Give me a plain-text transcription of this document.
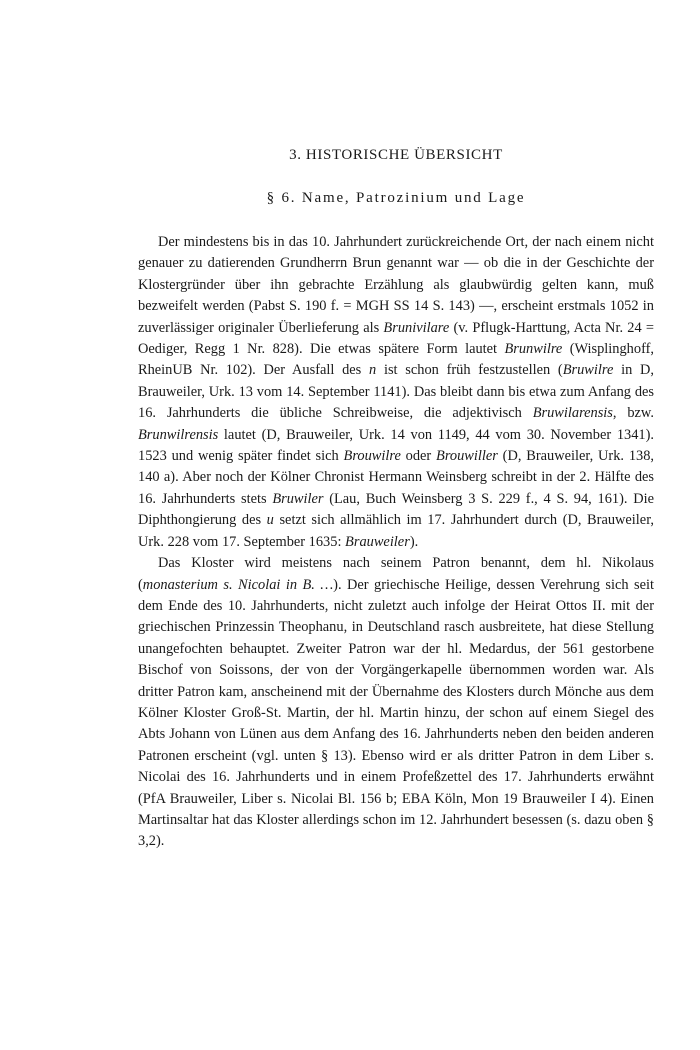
3. HISTORISCHE ÜBERSICHT
§ 6. Name, Patrozinium und Lage

Der mindestens bis in das 10. Jahrhundert zurückreichende Ort, der nach einem nicht genauer zu datierenden Grundherrn Brun genannt war — ob die in der Geschichte der Klostergründer über ihn gebrachte Erzählung als glaubwürdig gelten kann, muß bezweifelt werden (Pabst S. 190 f. = MGH SS 14 S. 143) —, erscheint erstmals 1052 in zuverlässiger originaler Überlieferung als Brunivilare (v. Pflugk-Harttung, Acta Nr. 24 = Oediger, Regg 1 Nr. 828). Die etwas spätere Form lautet Brunwilre (Wisplinghoff, RheinUB Nr. 102). Der Ausfall des n ist schon früh festzustellen (Bruwilre in D, Brauweiler, Urk. 13 vom 14. September 1141). Das bleibt dann bis etwa zum Anfang des 16. Jahrhunderts die übliche Schreibweise, die adjektivisch Bruwilarensis, bzw. Brunwilrensis lautet (D, Brauweiler, Urk. 14 von 1149, 44 vom 30. November 1341). 1523 und wenig später findet sich Brouwilre oder Brouwiller (D, Brauweiler, Urk. 138, 140 a). Aber noch der Kölner Chronist Hermann Weinsberg schreibt in der 2. Hälfte des 16. Jahrhunderts stets Bruwiler (Lau, Buch Weinsberg 3 S. 229 f., 4 S. 94, 161). Die Diphthongierung des u setzt sich allmählich im 17. Jahrhundert durch (D, Brauweiler, Urk. 228 vom 17. September 1635: Brauweiler).

Das Kloster wird meistens nach seinem Patron benannt, dem hl. Nikolaus (monasterium s. Nicolai in B. …). Der griechische Heilige, dessen Verehrung sich seit dem Ende des 10. Jahrhunderts, nicht zuletzt auch infolge der Heirat Ottos II. mit der griechischen Prinzessin Theophanu, in Deutschland rasch ausbreitete, hat diese Stellung unangefochten behauptet. Zweiter Patron war der hl. Medardus, der 561 gestorbene Bischof von Soissons, der von der Vorgängerkapelle übernommen worden war. Als dritter Patron kam, anscheinend mit der Übernahme des Klosters durch Mönche aus dem Kölner Kloster Groß-St. Martin, der hl. Martin hinzu, der schon auf einem Siegel des Abts Johann von Lünen aus dem Anfang des 16. Jahrhunderts neben den beiden anderen Patronen erscheint (vgl. unten § 13). Ebenso wird er als dritter Patron in dem Liber s. Nicolai des 16. Jahrhunderts und in einem Profeßzettel des 17. Jahrhunderts erwähnt (PfA Brauweiler, Liber s. Nicolai Bl. 156 b; EBA Köln, Mon 19 Brauweiler I 4). Einen Martinsaltar hat das Kloster allerdings schon im 12. Jahrhundert besessen (s. dazu oben § 3,2).
